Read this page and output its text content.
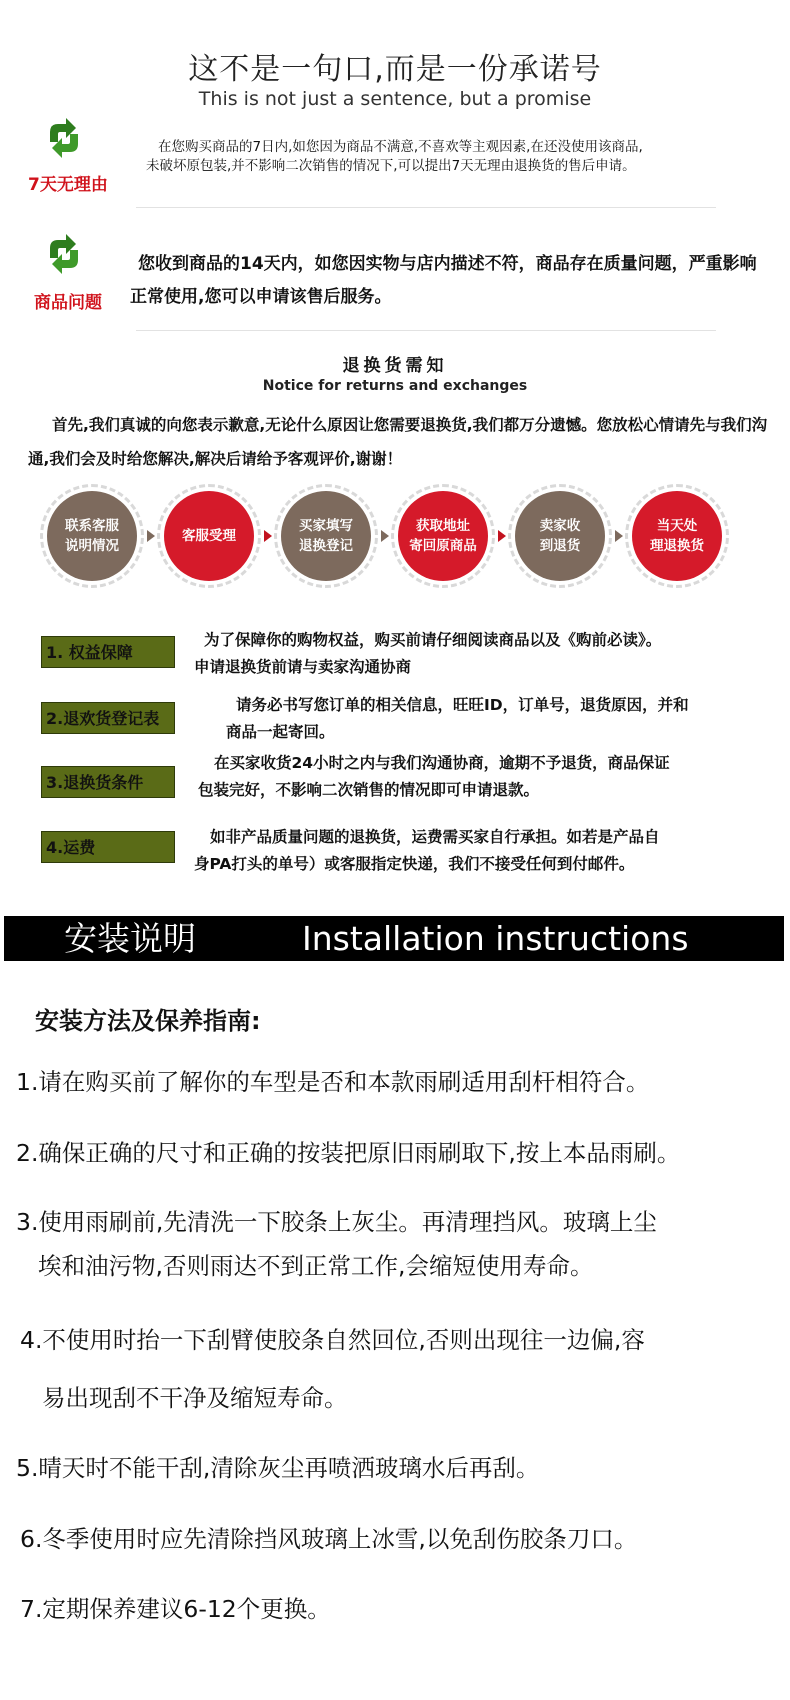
这不是一句口,而是一份承诺号
This is not just a sentence, but a promise
7天无理由
在您购买商品的7日内,如您因为商品不满意,不喜欢等主观因素,在还没使用该商品,未破坏原包装,并不影响二次销售的情况下,可以提出7天无理由退换货的售后申请。
商品问题
您收到商品的14天内，如您因实物与店内描述不符，商品存在质量问题，严重影响正常使用,您可以申请该售后服务。
退换货需知
Notice for returns and exchanges
首先,我们真诚的向您表示歉意,无论什么原因让您需要退换货,我们都万分遗憾。您放松心情请先与我们沟通,我们会及时给您解决,解决后请给予客观评价,谢谢！
联系客服
说明情况
客服受理
买家填写
退换登记
获取地址
寄回原商品
卖家收
到退货
当天处
理退换货
1. 权益保障
为了保障你的购物权益，购买前请仔细阅读商品以及《购前必读》。
申请退换货前请与卖家沟通协商
2.退欢货登记表
请务必书写您订单的相关信息，旺旺ID，订单号，退货原因，并和
商品一起寄回。
3.退换货条件
在买家收货24小时之内与我们沟通协商，逾期不予退货，商品保证
包装完好，不影响二次销售的情况即可申请退款。
4.运费
如非产品质量问题的退换货，运费需买家自行承担。如若是产品自
身PA打头的单号）或客服指定快递，我们不接受任何到付邮件。
安装说明	Installation instructions
安装方法及保养指南:
1.请在购买前了解你的车型是否和本款雨刷适用刮杆相符合。
2.确保正确的尺寸和正确的按装把原旧雨刷取下,按上本品雨刷。
3.使用雨刷前,先清洗一下胶条上灰尘。再清理挡风。玻璃上尘
埃和油污物,否则雨达不到正常工作,会缩短使用寿命。
4.不使用时抬一下刮臂使胶条自然回位,否则出现往一边偏,容
易出现刮不干净及缩短寿命。
5.晴天时不能干刮,清除灰尘再喷洒玻璃水后再刮。
6.冬季使用时应先清除挡风玻璃上冰雪,以免刮伤胶条刀口。
7.定期保养建议6-12个更换。
